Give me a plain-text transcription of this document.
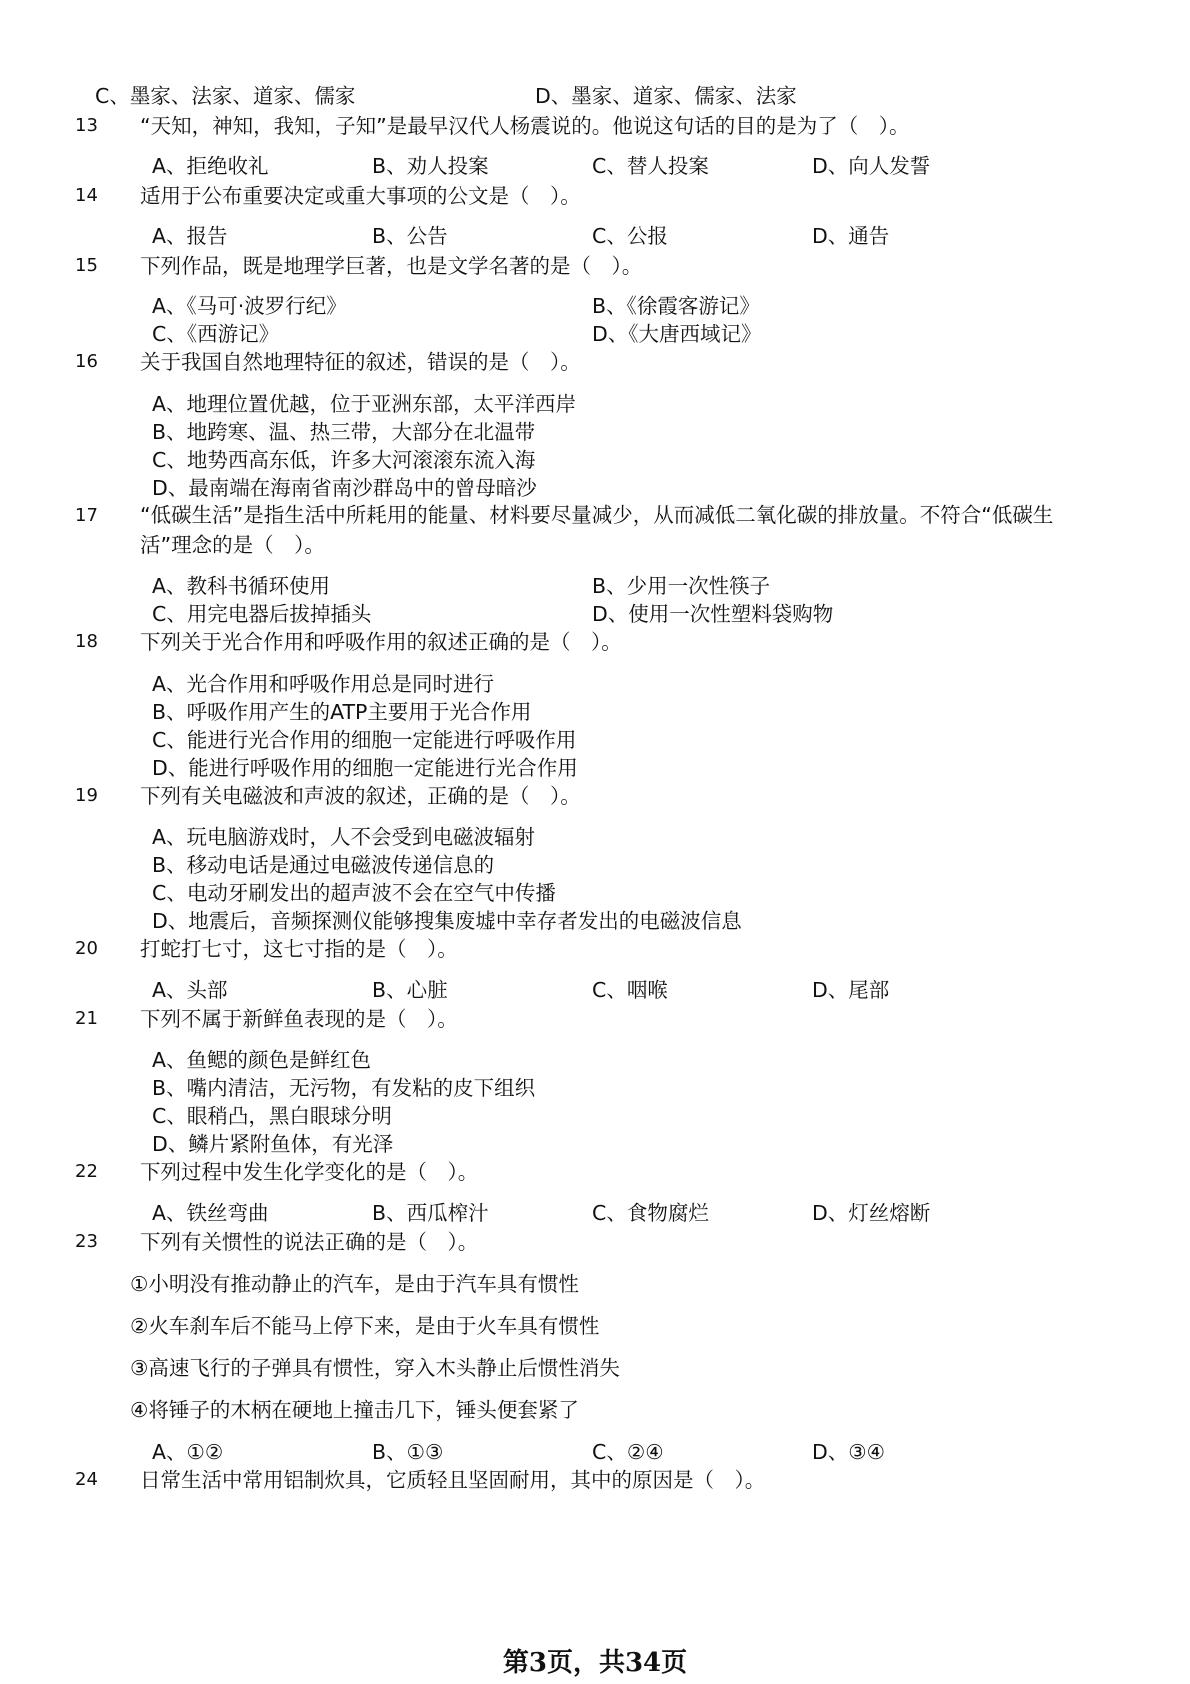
C、墨家、法家、道家、儒家	D、墨家、道家、儒家、法家
13 “天知，神知，我知，子知”是最早汉代人杨震说的。他说这句话的目的是为了（　）。
A、拒绝收礼	B、劝人投案	C、替人投案	D、向人发誓
14 适用于公布重要决定或重大事项的公文是（　）。
A、报告	B、公告	C、公报	D、通告
15 下列作品，既是地理学巨著，也是文学名著的是（　）。
A、《马可·波罗行纪》	B、《徐霞客游记》
C、《西游记》	D、《大唐西域记》
16 关于我国自然地理特征的叙述，错误的是（　）。
A、地理位置优越，位于亚洲东部，太平洋西岸
B、地跨寒、温、热三带，大部分在北温带
C、地势西高东低，许多大河滚滚东流入海
D、最南端在海南省南沙群岛中的曾母暗沙
17 “低碳生活”是指生活中所耗用的能量、材料要尽量减少，从而减低二氧化碳的排放量。不符合“低碳生活”理念的是（　）。
A、教科书循环使用	B、少用一次性筷子
C、用完电器后拔掉插头	D、使用一次性塑料袋购物
18 下列关于光合作用和呼吸作用的叙述正确的是（　）。
A、光合作用和呼吸作用总是同时进行
B、呼吸作用产生的ATP主要用于光合作用
C、能进行光合作用的细胞一定能进行呼吸作用
D、能进行呼吸作用的细胞一定能进行光合作用
19 下列有关电磁波和声波的叙述，正确的是（　）。
A、玩电脑游戏时，人不会受到电磁波辐射
B、移动电话是通过电磁波传递信息的
C、电动牙刷发出的超声波不会在空气中传播
D、地震后，音频探测仪能够搜集废墟中幸存者发出的电磁波信息
20 打蛇打七寸，这七寸指的是（　）。
A、头部	B、心脏	C、咽喉	D、尾部
21 下列不属于新鲜鱼表现的是（　）。
A、鱼鳃的颜色是鲜红色
B、嘴内清洁，无污物，有发粘的皮下组织
C、眼稍凸，黑白眼球分明
D、鳞片紧附鱼体，有光泽
22 下列过程中发生化学变化的是（　）。
A、铁丝弯曲	B、西瓜榨汁	C、食物腐烂	D、灯丝熔断
23 下列有关惯性的说法正确的是（　）。
①小明没有推动静止的汽车，是由于汽车具有惯性
②火车刹车后不能马上停下来，是由于火车具有惯性
③高速飞行的子弹具有惯性，穿入木头静止后惯性消失
④将锤子的木柄在硬地上撞击几下，锤头便套紧了
A、①②	B、①③	C、②④	D、③④
24 日常生活中常用铝制炊具，它质轻且坚固耐用，其中的原因是（　）。
第3页，共34页
